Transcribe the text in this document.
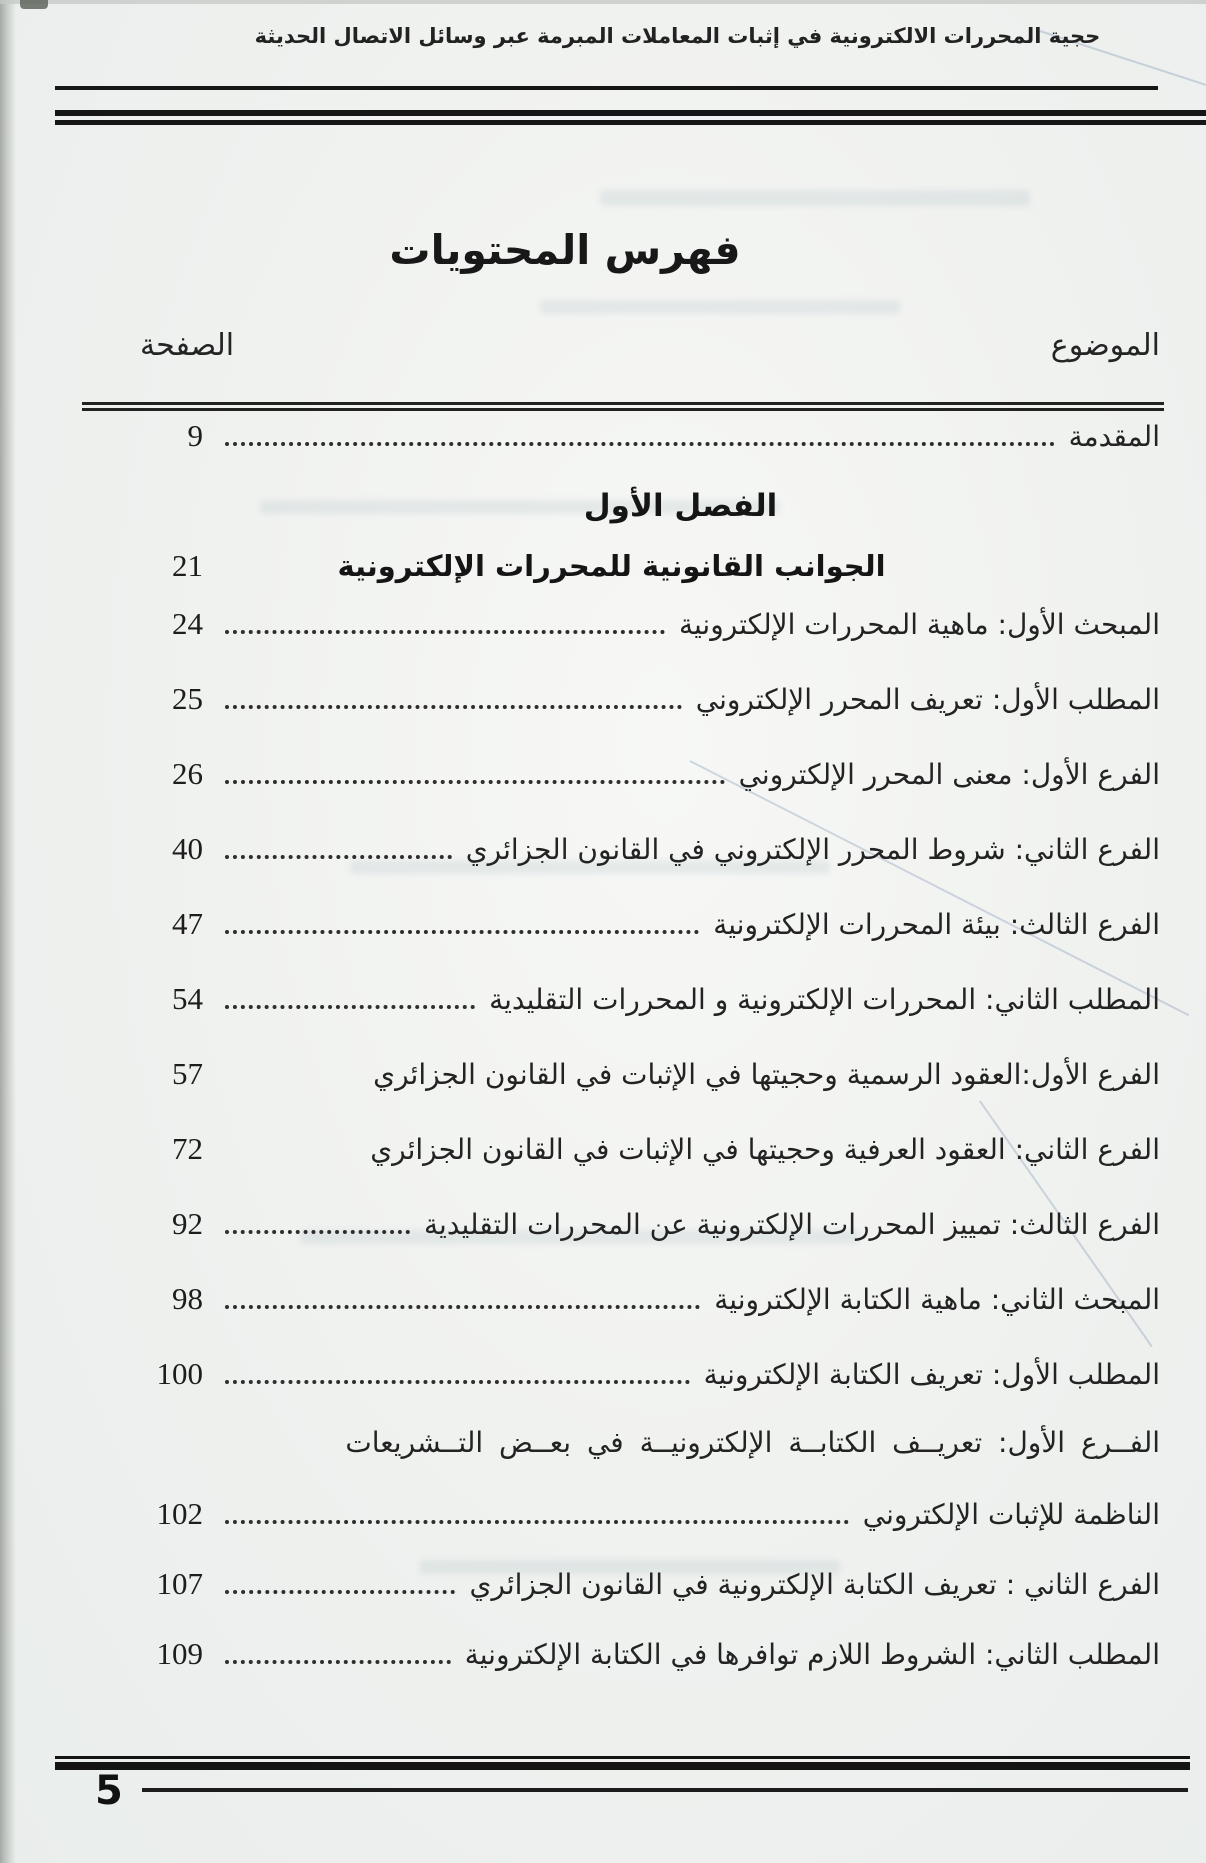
حجية المحررات الالكترونية في إثبات المعاملات المبرمة عبر وسائل الاتصال الحديثة
فهرس المحتويات
الموضوع
الصفحة
المقدمة
9
الفصل الأول
الجوانب القانونية للمحررات الإلكترونية
21
المبحث الأول: ماهية المحررات الإلكترونية
24
المطلب الأول: تعريف المحرر الإلكتروني
25
الفرع الأول: معنى المحرر الإلكتروني
26
الفرع الثاني: شروط المحرر الإلكتروني في القانون الجزائري
40
الفرع الثالث: بيئة المحررات الإلكترونية
47
المطلب الثاني: المحررات الإلكترونية و المحررات التقليدية
54
الفرع الأول:العقود الرسمية وحجيتها في الإثبات في القانون الجزائري
57
الفرع الثاني: العقود العرفية وحجيتها في الإثبات في القانون الجزائري
72
الفرع الثالث: تمييز المحررات الإلكترونية عن المحررات التقليدية
92
المبحث الثاني: ماهية الكتابة الإلكترونية
98
المطلب الأول: تعريف الكتابة الإلكترونية
100
الفــرع الأول: تعريــف الكتابــة الإلكترونيــة في بعــض التــشريعات
الناظمة للإثبات الإلكتروني
102
الفرع الثاني : تعريف الكتابة الإلكترونية في القانون الجزائري
107
المطلب الثاني: الشروط اللازم توافرها في الكتابة الإلكترونية
109
5
